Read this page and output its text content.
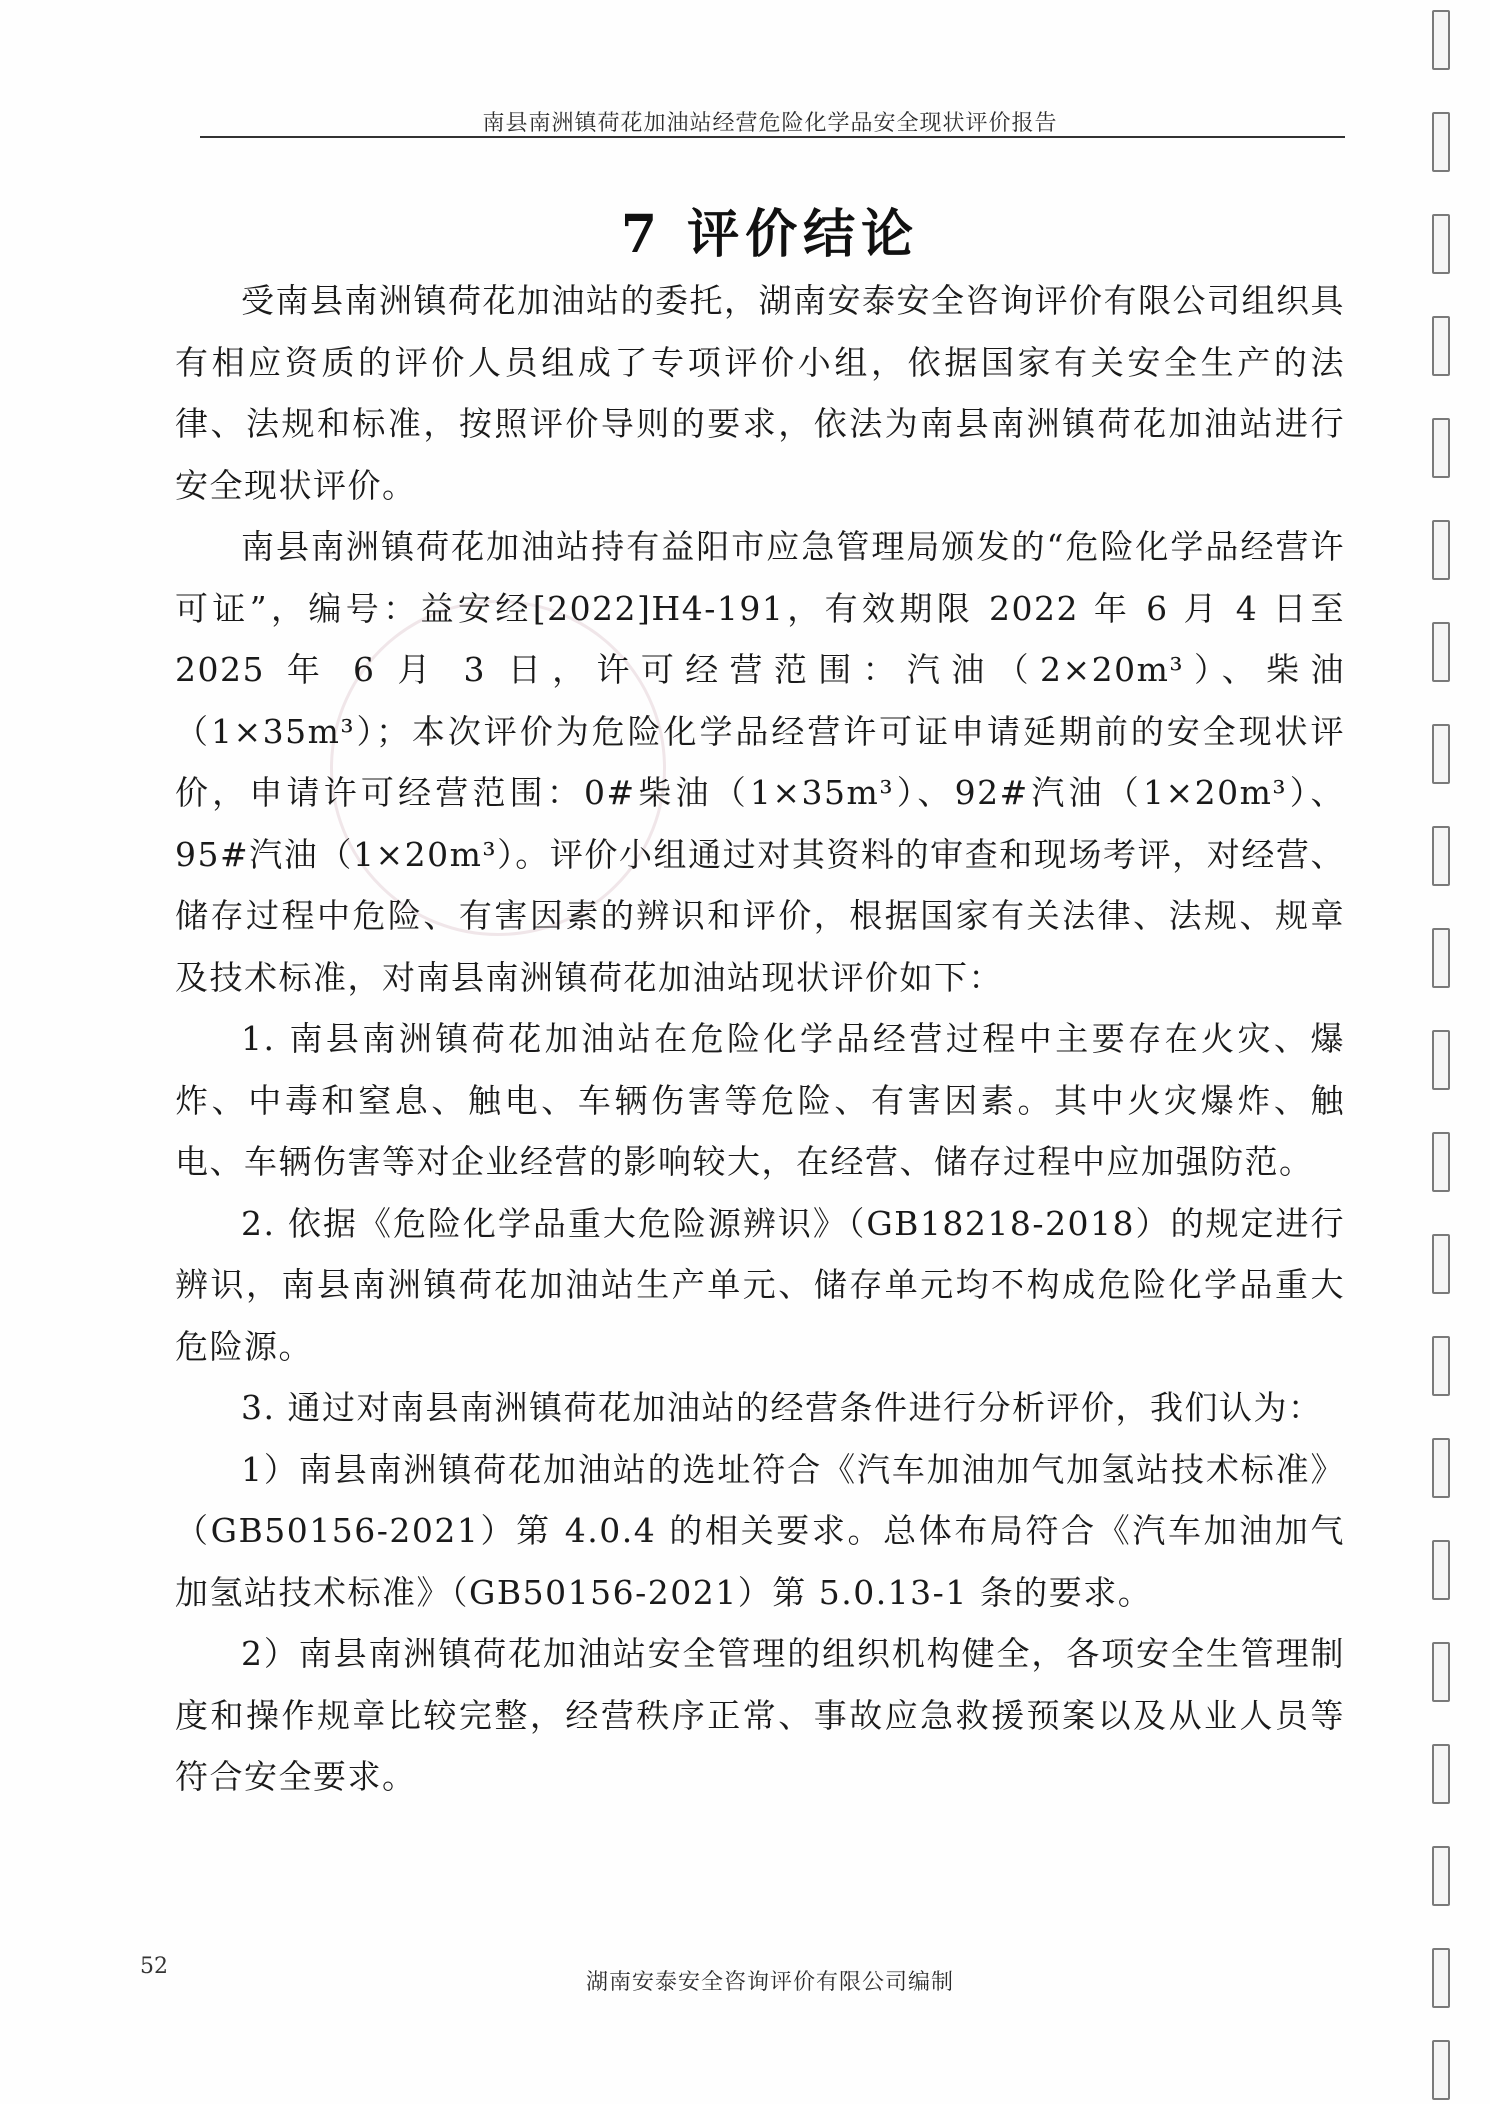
南县南洲镇荷花加油站经营危险化学品安全现状评价报告
7 评价结论

受南县南洲镇荷花加油站的委托，湖南安泰安全咨询评价有限公司组织具有相应资质的评价人员组成了专项评价小组，依据国家有关安全生产的法律、法规和标准，按照评价导则的要求，依法为南县南洲镇荷花加油站进行安全现状评价。

南县南洲镇荷花加油站持有益阳市应急管理局颁发的“危险化学品经营许可证”，编号：益安经[2022]H4-191，有效期限 2022 年 6 月 4 日至 2025 年 6 月 3 日，许可经营范围：汽油（2×20m³）、柴油（1×35m³）；本次评价为危险化学品经营许可证申请延期前的安全现状评价，申请许可经营范围：0#柴油（1×35m³）、92#汽油（1×20m³）、95#汽油（1×20m³）。评价小组通过对其资料的审查和现场考评，对经营、储存过程中危险、有害因素的辨识和评价，根据国家有关法律、法规、规章及技术标准，对南县南洲镇荷花加油站现状评价如下：

1. 南县南洲镇荷花加油站在危险化学品经营过程中主要存在火灾、爆炸、中毒和窒息、触电、车辆伤害等危险、有害因素。其中火灾爆炸、触电、车辆伤害等对企业经营的影响较大，在经营、储存过程中应加强防范。

2. 依据《危险化学品重大危险源辨识》（GB18218-2018）的规定进行辨识，南县南洲镇荷花加油站生产单元、储存单元均不构成危险化学品重大危险源。

3. 通过对南县南洲镇荷花加油站的经营条件进行分析评价，我们认为：

1）南县南洲镇荷花加油站的选址符合《汽车加油加气加氢站技术标准》（GB50156-2021）第 4.0.4 的相关要求。总体布局符合《汽车加油加气加氢站技术标准》（GB50156-2021）第 5.0.13-1 条的要求。

2）南县南洲镇荷花加油站安全管理的组织机构健全，各项安全生管理制度和操作规章比较完整，经营秩序正常、事故应急救援预案以及从业人员等符合安全要求。

52
湖南安泰安全咨询评价有限公司编制
